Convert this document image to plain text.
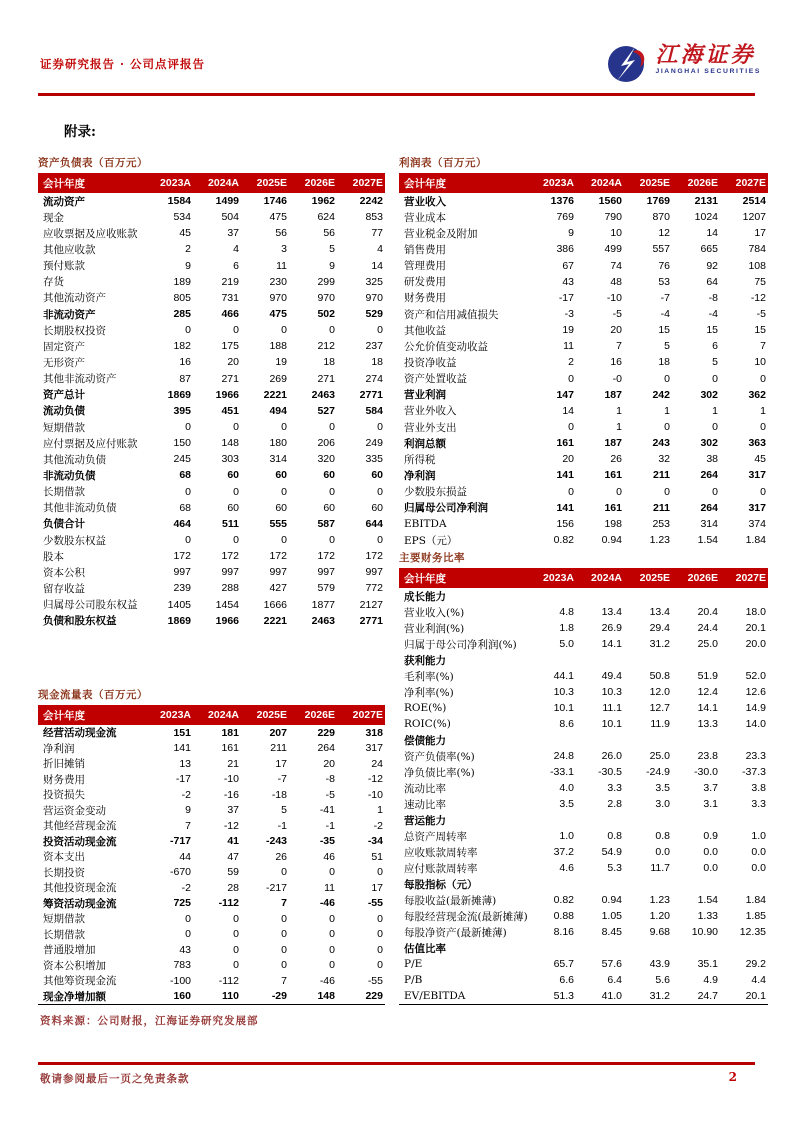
证券研究报告 · 公司点评报告	江海证券
JIANGHAI SECURITIES
附录:
资产负债表（百万元）
会计年度	2023A	2024A	2025E	2026E	2027E
流动资产	1584	1499	1746	1962	2242
现金	534	504	475	624	853
应收票据及应收账款	45	37	56	56	77
其他应收款	2	4	3	5	4
预付账款	9	6	11	9	14
存货	189	219	230	299	325
其他流动资产	805	731	970	970	970
非流动资产	285	466	475	502	529
长期股权投资	0	0	0	0	0
固定资产	182	175	188	212	237
无形资产	16	20	19	18	18
其他非流动资产	87	271	269	271	274
资产总计	1869	1966	2221	2463	2771
流动负债	395	451	494	527	584
短期借款	0	0	0	0	0
应付票据及应付账款	150	148	180	206	249
其他流动负债	245	303	314	320	335
非流动负债	68	60	60	60	60
长期借款	0	0	0	0	0
其他非流动负债	68	60	60	60	60
负债合计	464	511	555	587	644
少数股东权益	0	0	0	0	0
股本	172	172	172	172	172
资本公积	997	997	997	997	997
留存收益	239	288	427	579	772
归属母公司股东权益	1405	1454	1666	1877	2127
负债和股东权益	1869	1966	2221	2463	2771
利润表（百万元）
会计年度	2023A	2024A	2025E	2026E	2027E
营业收入	1376	1560	1769	2131	2514
营业成本	769	790	870	1024	1207
营业税金及附加	9	10	12	14	17
销售费用	386	499	557	665	784
管理费用	67	74	76	92	108
研发费用	43	48	53	64	75
财务费用	-17	-10	-7	-8	-12
资产和信用减值损失	-3	-5	-4	-4	-5
其他收益	19	20	15	15	15
公允价值变动收益	11	7	5	6	7
投资净收益	2	16	18	5	10
资产处置收益	0	-0	0	0	0
营业利润	147	187	242	302	362
营业外收入	14	1	1	1	1
营业外支出	0	1	0	0	0
利润总额	161	187	243	302	363
所得税	20	26	32	38	45
净利润	141	161	211	264	317
少数股东损益	0	0	0	0	0
归属母公司净利润	141	161	211	264	317
EBITDA	156	198	253	314	374
EPS（元）	0.82	0.94	1.23	1.54	1.84
主要财务比率
会计年度	2023A	2024A	2025E	2026E	2027E
成长能力
营业收入(%)	4.8	13.4	13.4	20.4	18.0
营业利润(%)	1.8	26.9	29.4	24.4	20.1
归属于母公司净利润(%)	5.0	14.1	31.2	25.0	20.0
获利能力
毛利率(%)	44.1	49.4	50.8	51.9	52.0
净利率(%)	10.3	10.3	12.0	12.4	12.6
ROE(%)	10.1	11.1	12.7	14.1	14.9
ROIC(%)	8.6	10.1	11.9	13.3	14.0
偿债能力
资产负债率(%)	24.8	26.0	25.0	23.8	23.3
净负债比率(%)	-33.1	-30.5	-24.9	-30.0	-37.3
流动比率	4.0	3.3	3.5	3.7	3.8
速动比率	3.5	2.8	3.0	3.1	3.3
营运能力
总资产周转率	1.0	0.8	0.8	0.9	1.0
应收账款周转率	37.2	54.9	0.0	0.0	0.0
应付账款周转率	4.6	5.3	11.7	0.0	0.0
每股指标（元）
每股收益(最新摊薄)	0.82	0.94	1.23	1.54	1.84
每股经营现金流(最新摊薄)	0.88	1.05	1.20	1.33	1.85
每股净资产(最新摊薄)	8.16	8.45	9.68	10.90	12.35
估值比率
P/E	65.7	57.6	43.9	35.1	29.2
P/B	6.6	6.4	5.6	4.9	4.4
EV/EBITDA	51.3	41.0	31.2	24.7	20.1
现金流量表（百万元）
会计年度	2023A	2024A	2025E	2026E	2027E
经营活动现金流	151	181	207	229	318
净利润	141	161	211	264	317
折旧摊销	13	21	17	20	24
财务费用	-17	-10	-7	-8	-12
投资损失	-2	-16	-18	-5	-10
营运资金变动	9	37	5	-41	1
其他经营现金流	7	-12	-1	-1	-2
投资活动现金流	-717	41	-243	-35	-34
资本支出	44	47	26	46	51
长期投资	-670	59	0	0	0
其他投资现金流	-2	28	-217	11	17
筹资活动现金流	725	-112	7	-46	-55
短期借款	0	0	0	0	0
长期借款	0	0	0	0	0
普通股增加	43	0	0	0	0
资本公积增加	783	0	0	0	0
其他筹资现金流	-100	-112	7	-46	-55
现金净增加额	160	110	-29	148	229
资料来源：公司财报，江海证券研究发展部
敬请参阅最后一页之免责条款	2
